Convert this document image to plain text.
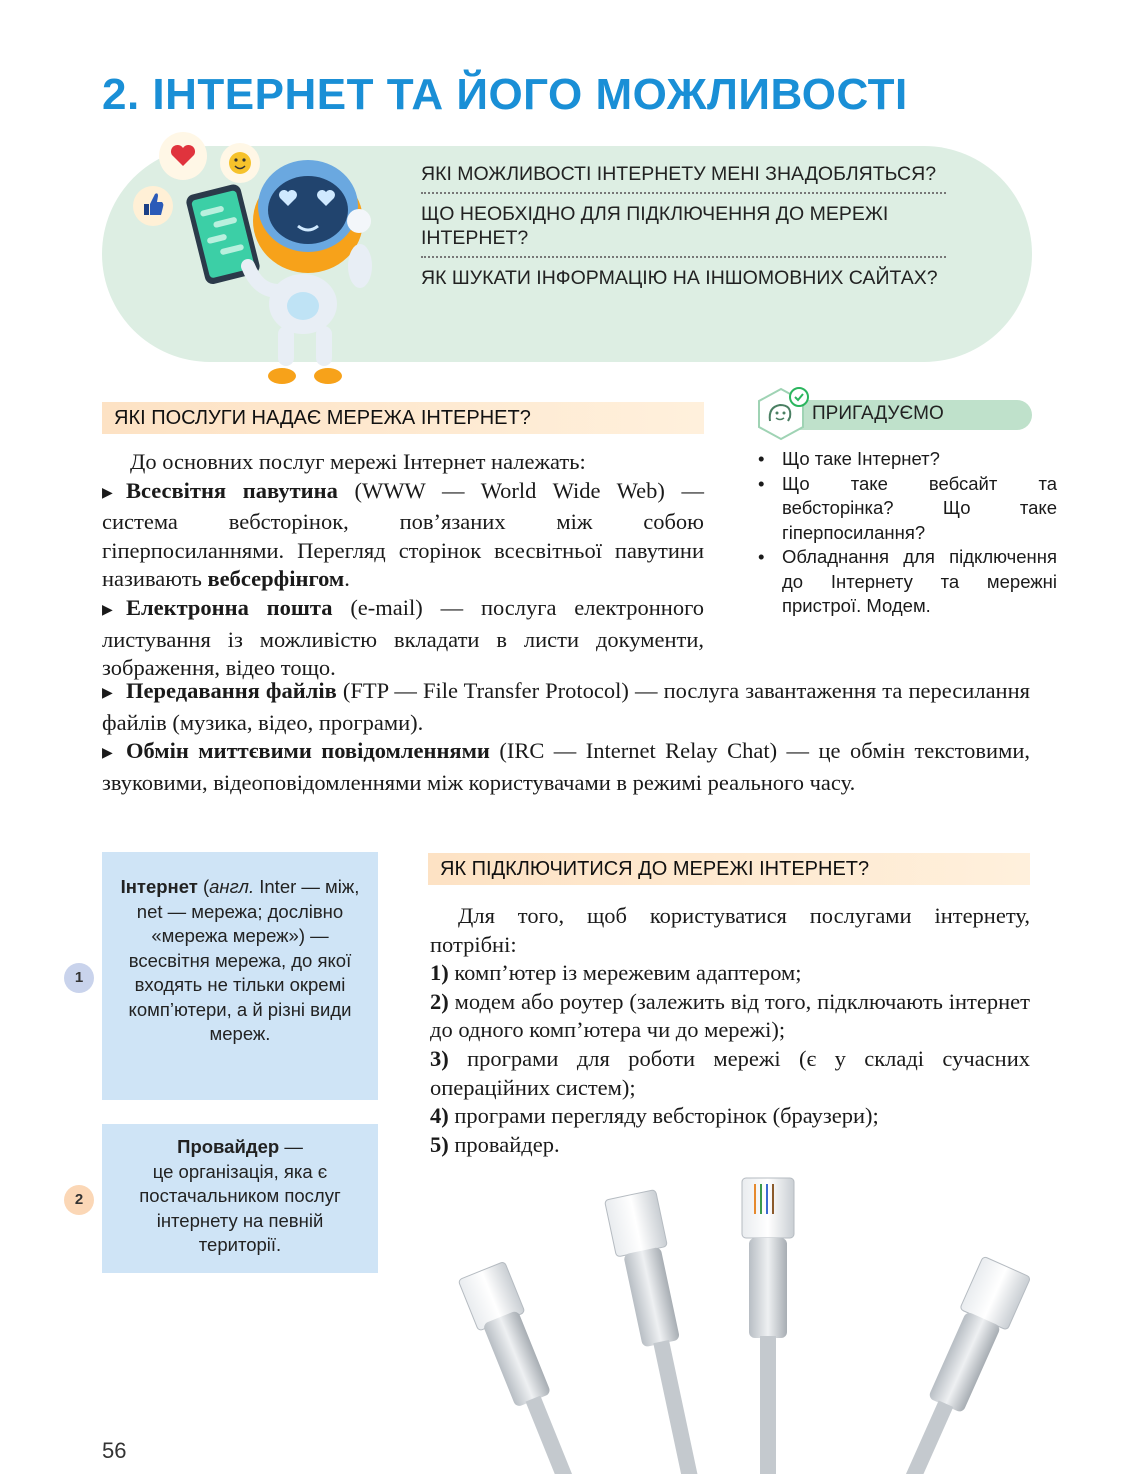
2. ІНТЕРНЕТ ТА ЙОГО МОЖЛИВОСТІ
ЯКІ МОЖЛИВОСТІ ІНТЕРНЕТУ МЕНІ ЗНАДОБЛЯТЬСЯ?
ЩО НЕОБХІДНО ДЛЯ ПІДКЛЮЧЕННЯ ДО МЕРЕЖІ ІНТЕРНЕТ?
ЯК ШУКАТИ ІНФОРМАЦІЮ НА ІНШОМОВНИХ САЙТАХ?
ЯКІ ПОСЛУГИ НАДАЄ МЕРЕЖА ІНТЕРНЕТ?	ПРИГАДУЄМО
• Що таке Інтернет?
• Що таке вебсайт та вебсторінка? Що таке гіперпосилання?
• Обладнання для підключення до Інтернету та мережні пристрої. Модем.

До основних послуг мережі Інтернет належать:

▶ Всесвітня павутина (WWW — World Wide Web) — система вебсторінок, пов’язаних між собою гіперпосиланнями. Перегляд сторінок всесвітньої павутини називають вебсерфінгом.

▶ Електронна пошта (e-mail) — послуга електронного листування із можливістю вкладати в листи документи, зображення, відео тощо.

▶ Передавання файлів (FTP — File Transfer Protocol) — послуга завантаження та пересилання файлів (музика, відео, програми).

▶ Обмін миттєвими повідомленнями (IRC — Internet Relay Chat) — це обмін текстовими, звуковими, відеоповідомленнями між користувачами в режимі реального часу.

1
Інтернет (англ. Inter — між, net — мережа; дослівно «мережа мереж») — всесвітня мережа, до якої входять не тільки окремі комп’ютери, а й різні види мереж.
2
Провайдер —
це організація, яка є постачальником послуг інтернету на певній території.
ЯК ПІДКЛЮЧИТИСЯ ДО МЕРЕЖІ ІНТЕРНЕТ?

Для того, щоб користуватися послугами інтернету, потрібні:

1) комп’ютер із мережевим адаптером;

2) модем або роутер (залежить від того, підключають інтернет до одного комп’ютера чи до мережі);

3) програми для роботи мережі (є у складі сучасних операційних систем);

4) програми перегляду вебсторінок (браузери);

5) провайдер.

56
